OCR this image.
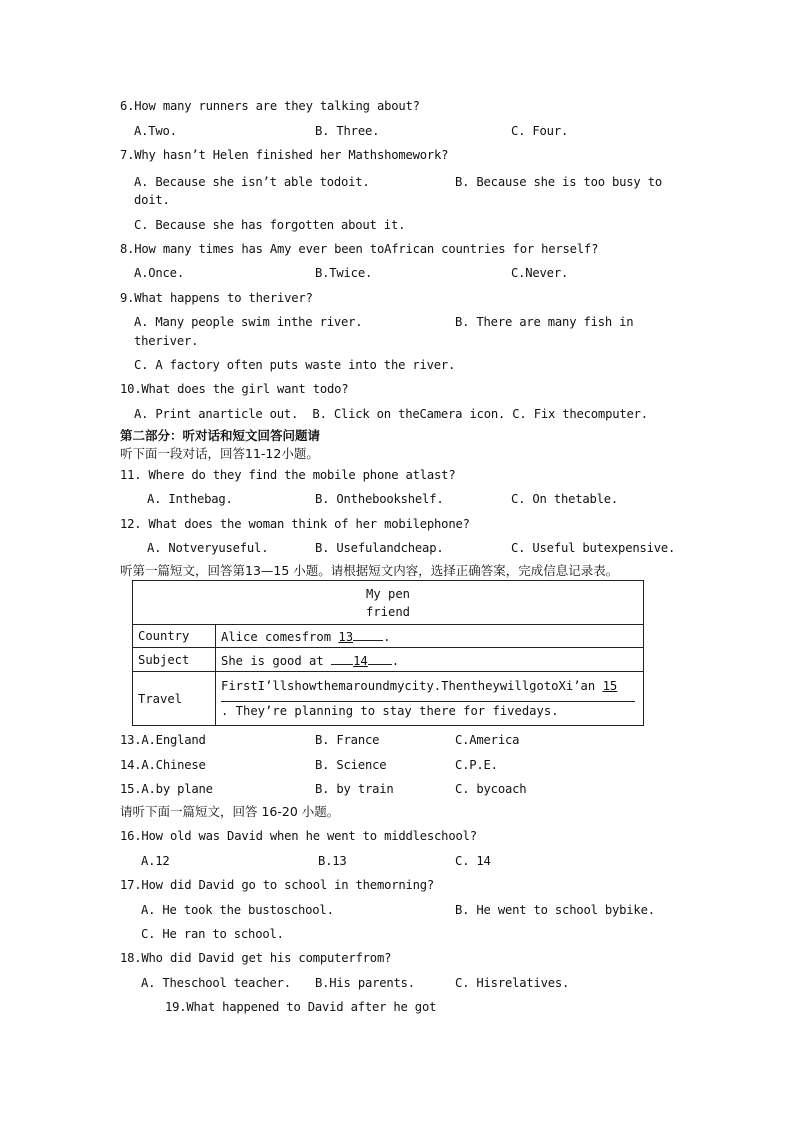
6.How many runners are they talking about?
A.Two.	B. Three.	C. Four.
7.Why hasn’t Helen finished her Mathshomework?
A. Because she isn’t able todoit.	B. Because she is too busy to
doit.
C. Because she has forgotten about it.
8.How many times has Amy ever been toAfrican countries for herself?
A.Once.	B.Twice.	C.Never.
9.What happens to theriver?
A. Many people swim inthe river.	B. There are many fish in
theriver.
C. A factory often puts waste into the river.
10.What does the girl want todo?
A. Print anarticle out.  B. Click on theCamera icon. C. Fix thecomputer.
第二部分：听对话和短文回答问题请
听下面一段对话，回答11-12小题。
11. Where do they find the mobile phone atlast?
A. Inthebag.	B. Onthebookshelf.	C. On thetable.
12. What does the woman think of her mobilephone?
A. Notveryuseful.	B. Usefulandcheap.	C. Useful butexpensive.
听第一篇短文，回答第13—15 小题。请根据短文内容，选择正确答案，完成信息记录表。
My pen
friend	

Country	Alice comesfrom 13 .
Subject	She is good at 14 .
Travel	FirstI’llshowthemaroundmycity.ThentheywillgotoXi’an 15
. They’re planning to stay there for fivedays.
13.A.England	B. France	C.America
14.A.Chinese	B. Science	C.P.E.
15.A.by plane	B. by train	C. bycoach
请听下面一篇短文，回答 16-20 小题。
16.How old was David when he went to middleschool?
A.12	B.13	C. 14
17.How did David go to school in themorning?
A. He took the bustoschool.	B. He went to school bybike.
C. He ran to school.
18.Who did David get his computerfrom?
A. Theschool teacher. B.His parents.	C. Hisrelatives.
19.What happened to David after he got
